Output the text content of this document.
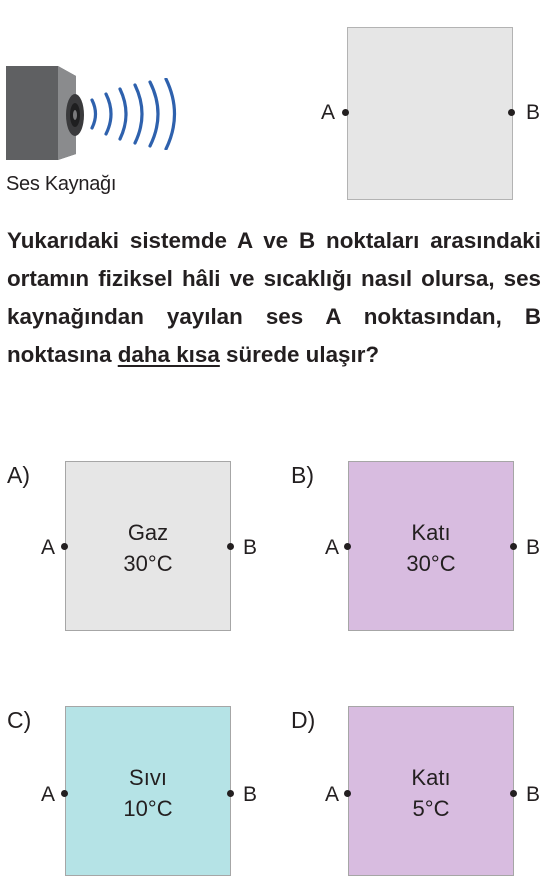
Ses Kaynağı
A	B
Yukarıdaki sistemde A ve B noktaları arasındaki ortamın fiziksel hâli ve sıcaklığı nasıl olursa, ses kaynağından yayılan ses A noktasından, B noktasına daha kısa sürede ulaşır?
A)
Gaz
30°C
A	B
B)
Katı
30°C
A	B
C)
Sıvı
10°C
A	B
D)
Katı
5°C
A	B
